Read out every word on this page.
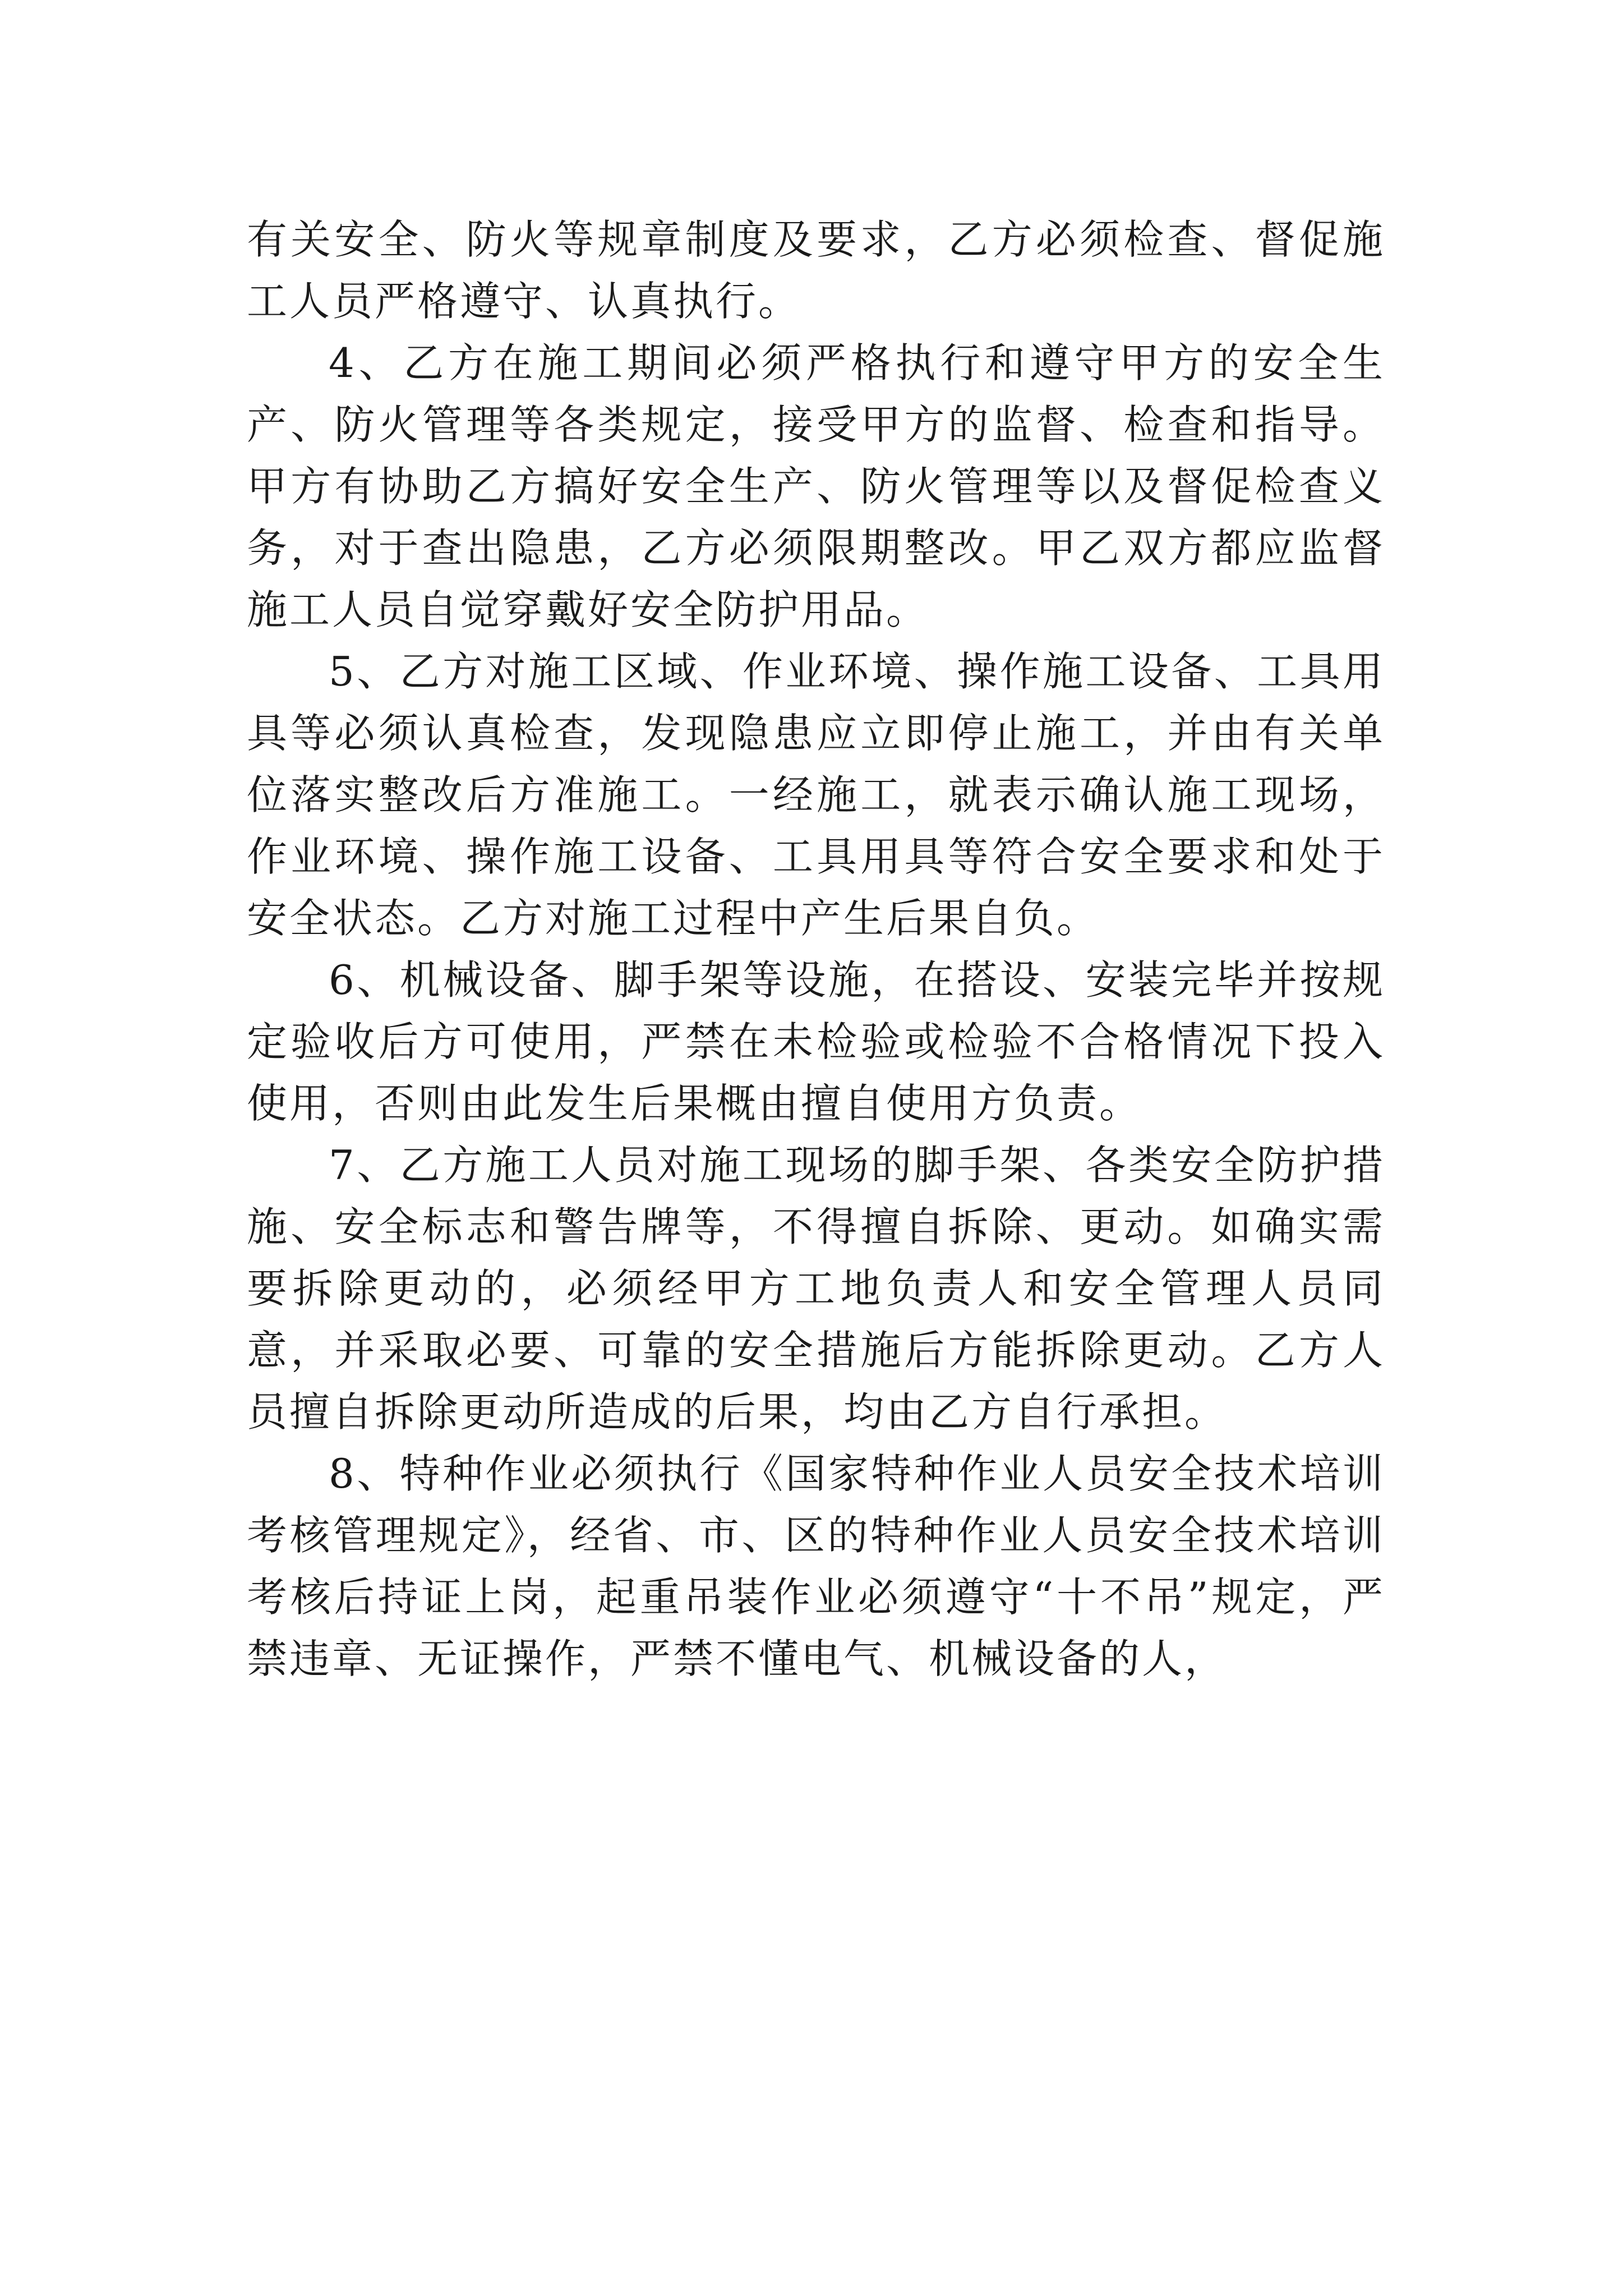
有关安全、防火等规章制度及要求，乙方必须检查、督促施工人员严格遵守、认真执行。

4、乙方在施工期间必须严格执行和遵守甲方的安全生产、防火管理等各类规定，接受甲方的监督、检查和指导。甲方有协助乙方搞好安全生产、防火管理等以及督促检查义务，对于查出隐患，乙方必须限期整改。甲乙双方都应监督施工人员自觉穿戴好安全防护用品。

5、乙方对施工区域、作业环境、操作施工设备、工具用具等必须认真检查，发现隐患应立即停止施工，并由有关单位落实整改后方准施工。一经施工，就表示确认施工现场，作业环境、操作施工设备、工具用具等符合安全要求和处于安全状态。乙方对施工过程中产生后果自负。

6、机械设备、脚手架等设施，在搭设、安装完毕并按规定验收后方可使用，严禁在未检验或检验不合格情况下投入使用，否则由此发生后果概由擅自使用方负责。

7、乙方施工人员对施工现场的脚手架、各类安全防护措施、安全标志和警告牌等，不得擅自拆除、更动。如确实需要拆除更动的，必须经甲方工地负责人和安全管理人员同意，并采取必要、可靠的安全措施后方能拆除更动。乙方人员擅自拆除更动所造成的后果，均由乙方自行承担。

8、特种作业必须执行《国家特种作业人员安全技术培训考核管理规定》，经省、市、区的特种作业人员安全技术培训考核后持证上岗，起重吊装作业必须遵守“十不吊”规定，严禁违章、无证操作，严禁不懂电气、机械设备的人，
